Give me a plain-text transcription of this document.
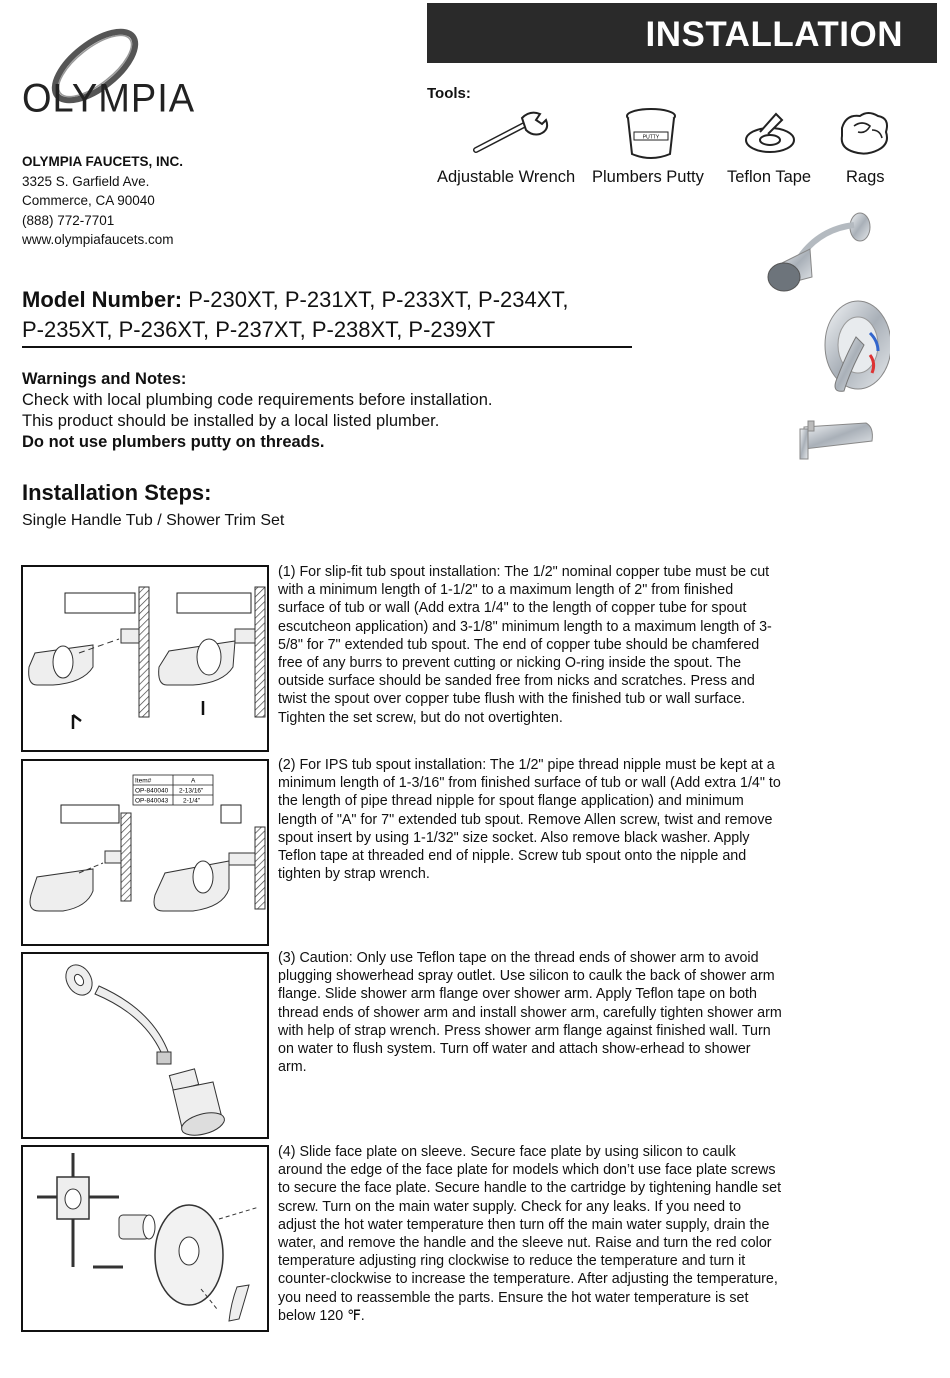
OLYMPIA
OLYMPIA FAUCETS, INC.
3325 S. Garfield Ave.
Commerce, CA 90040
(888) 772-7701
www.olympiafaucets.com
INSTALLATION
Tools:
PUTTY
Adjustable Wrench Plumbers Putty Teflon Tape Rags
Model Number: P-230XT, P-231XT, P-233XT, P-234XT,
P-235XT, P-236XT, P-237XT, P-238XT, P-239XT
Warnings and Notes:
Check with local plumbing code requirements before installation.
This product should be installed by a local listed plumber.
Do not use plumbers putty on threads.
Installation Steps:
Single Handle Tub / Shower Trim Set
(1) For slip-fit tub spout installation: The 1/2" nominal copper tube must be cut with a minimum length of 1-1/2" to a maximum length of 2" from finished surface of tub or wall (Add extra 1/4" to the length of copper tube for spout escutcheon application) and 3-1/8" minimum length to a maximum length of 3-5/8" for 7" extended tub spout. The end of copper tube should be chamfered free of any burrs to prevent cutting or nicking O-ring inside the spout. The outside surface should be sanded free from nicks and scratches. Press and twist the spout over copper tube flush with the finished tub or wall surface. Tighten the set screw, but do not overtighten.
Item#	A
OP-840040 2-13/16"
OP-840043 2-1/4"
(2) For IPS tub spout installation: The 1/2" pipe thread nipple must be kept at a minimum length of 1-3/16" from finished surface of tub or wall (Add extra 1/4" to the length of pipe thread nipple for spout flange application) and minimum length of "A" for 7" extended tub spout. Remove Allen screw, twist and remove spout insert by using 1-1/32" size socket. Also remove black washer. Apply Teflon tape at threaded end of nipple. Screw tub spout onto the nipple and tighten by strap wrench.
(3) Caution: Only use Teflon tape on the thread ends of shower arm to avoid plugging showerhead spray outlet. Use silicon to caulk the back of shower arm flange. Slide shower arm flange over shower arm. Apply Teflon tape on both thread ends of shower arm and install shower arm, carefully tighten shower arm with help of strap wrench. Press shower arm flange against finished wall. Turn on water to flush system. Turn off water and attach show-erhead to shower arm.
(4) Slide face plate on sleeve. Secure face plate by using silicon to caulk around the edge of the face plate for models which don’t use face plate screws to secure the face plate. Secure handle to the cartridge by tightening handle set screw. Turn on the main water supply. Check for any leaks. If you need to adjust the hot water temperature then turn off the main water supply, drain the water, and remove the handle and the sleeve nut. Raise and turn the red color temperature adjusting ring clockwise to reduce the temperature and turn it counter-clockwise to increase the temperature. After adjusting the temperature, you need to reassemble the parts. Ensure the hot water temperature is set below 120 ℉.
